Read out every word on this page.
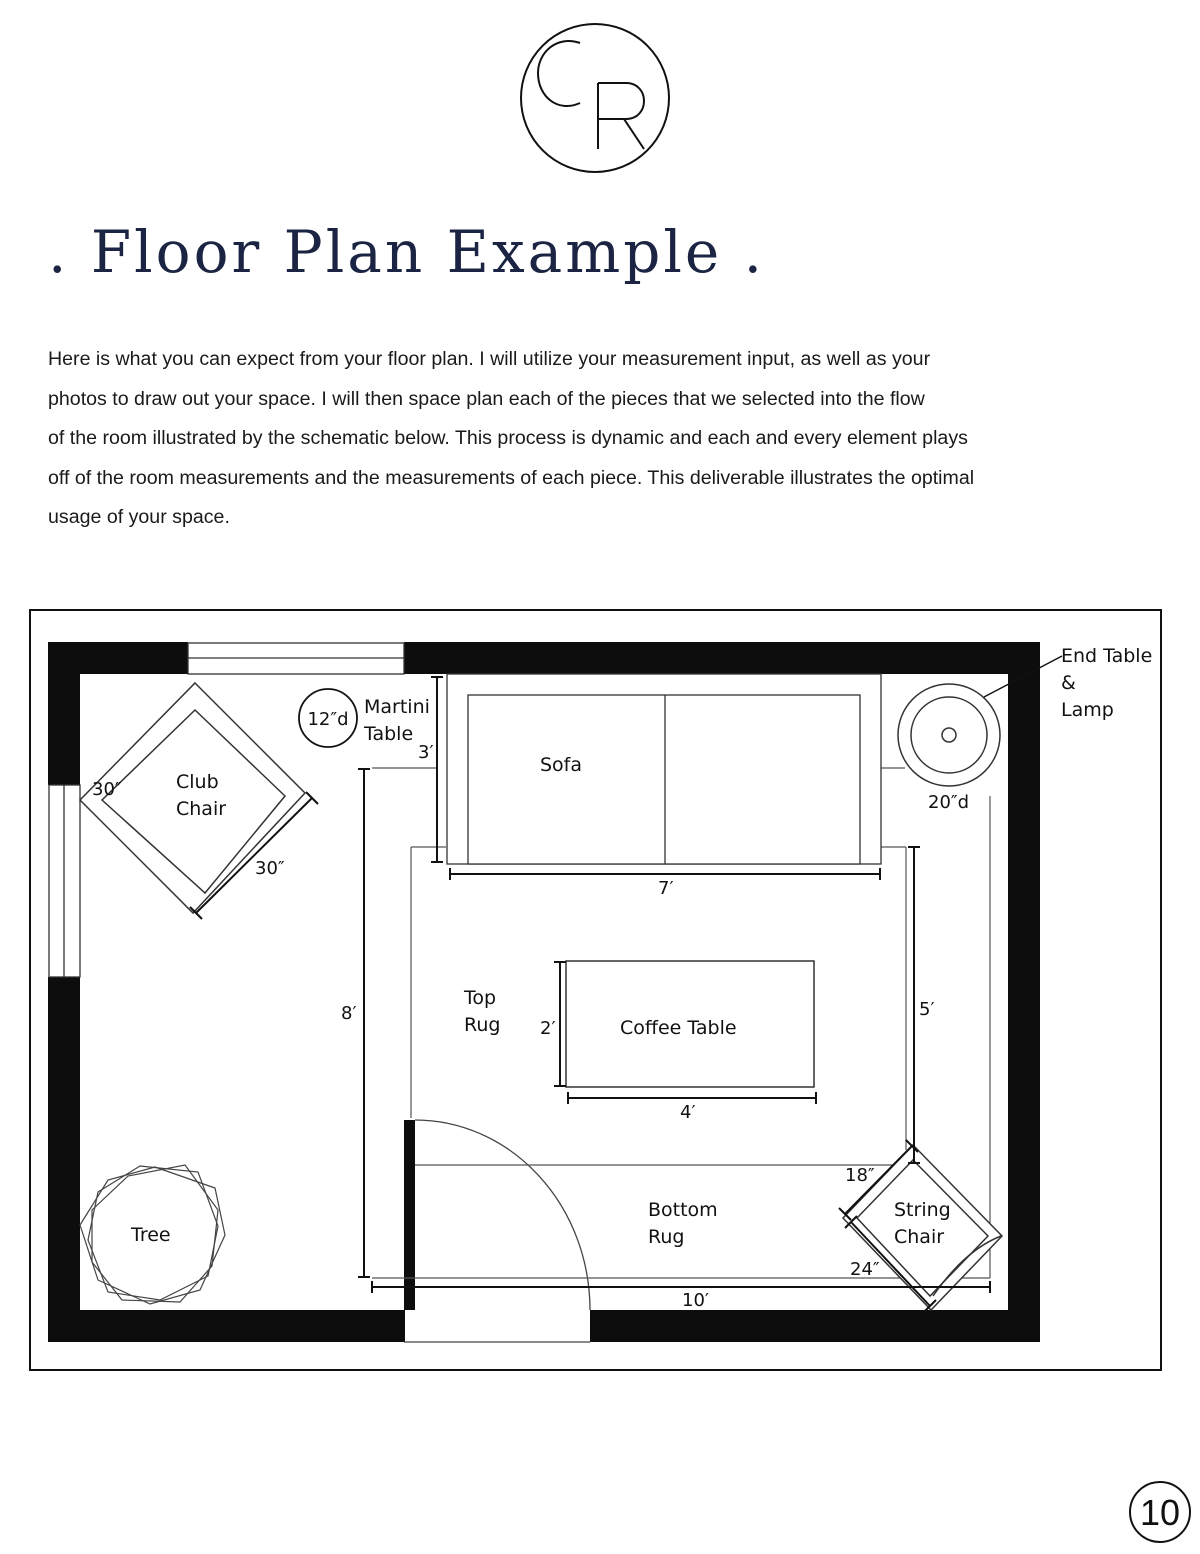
. Floor Plan Example .

Here is what you can expect from your floor plan. I will utilize your measurement input, as well as your
photos to draw out your space. I will then space plan each of the pieces that we selected into the flow
of the room illustrated by the schematic below. This process is dynamic and each and every element plays
off of the room measurements and the measurements of each piece. This deliverable illustrates the optimal
usage of your space.

Bottom Rug
Top Rug
Sofa
End Table & Lamp
20″d
12″d
Martini Table
Club Chair
30″
30″
Coffee Table
String Chair
18″
24″
Tree
3′
7′
8′
10′
5′
2′
4′
10
